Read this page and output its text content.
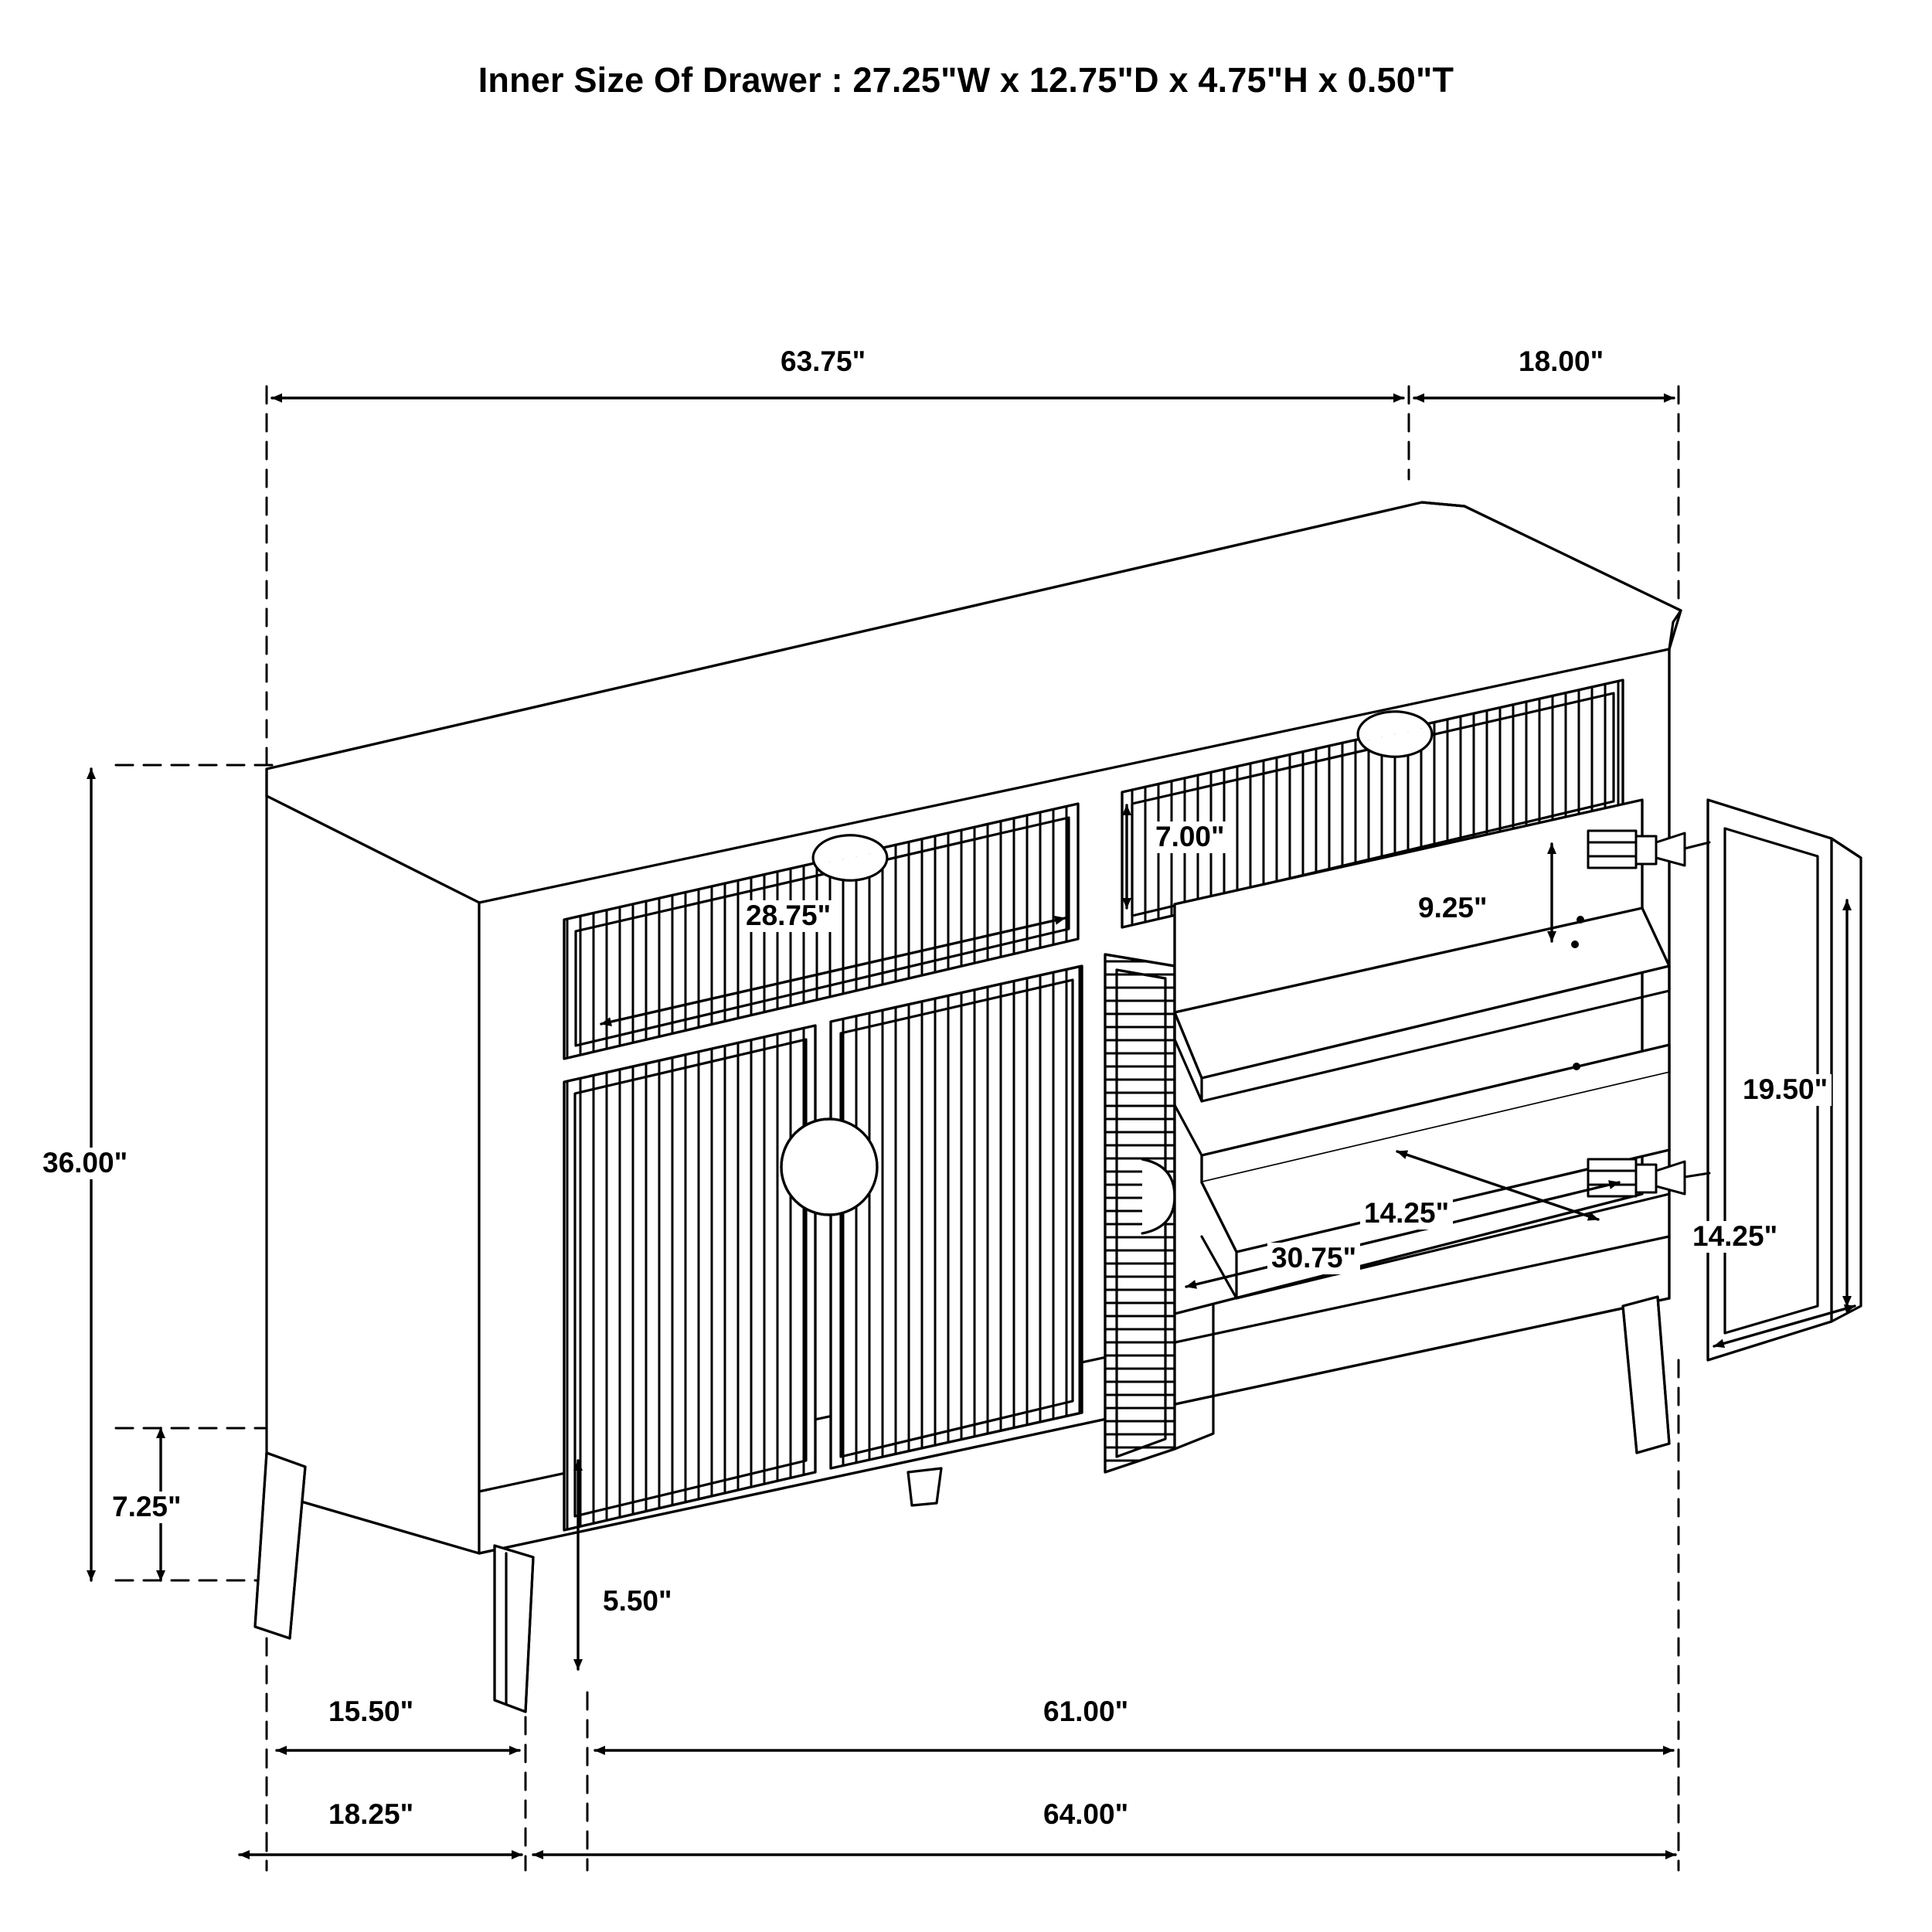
Inner Size Of Drawer : 27.25"W x 12.75"D x 4.75"H x 0.50"T
63.75"	18.00"
7.00"
28.75"	9.25"
36.00"
19.50"
14.25"
14.25"
30.75"
7.25"
5.50"
15.50"	61.00"
18.25"	64.00"
